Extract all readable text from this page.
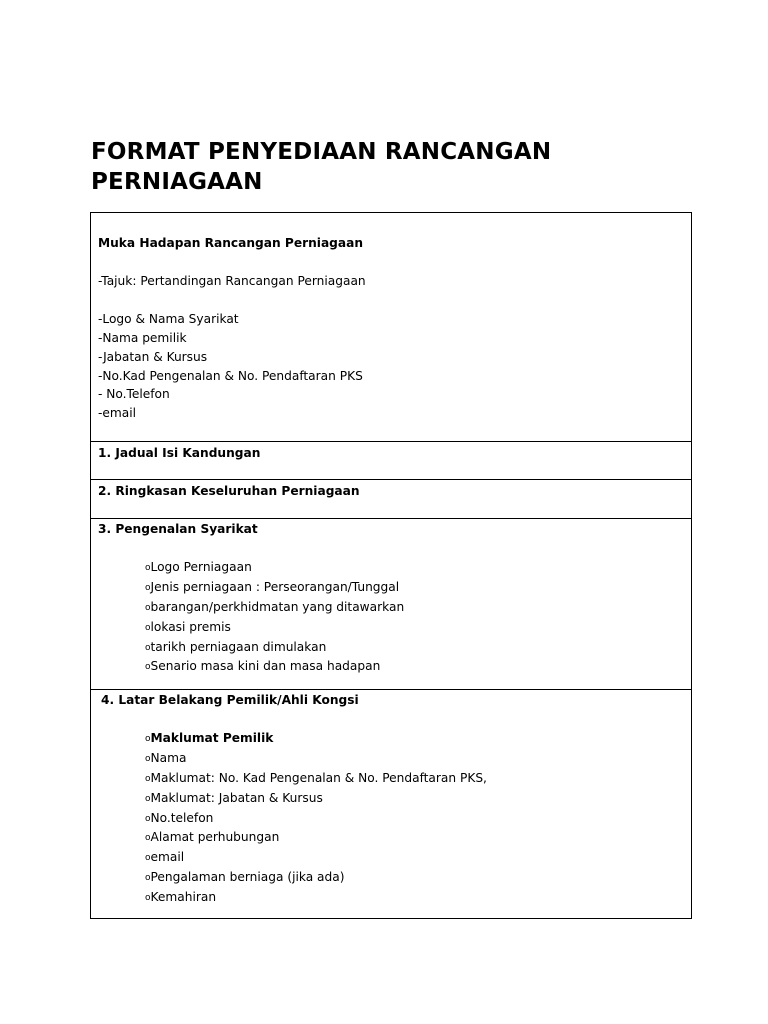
FORMAT PENYEDIAAN RANCANGAN
PERNIAGAAN
Muka Hadapan Rancangan Perniagaan
-Tajuk: Pertandingan Rancangan Perniagaan
-Logo & Nama Syarikat
-Nama pemilik
-Jabatan & Kursus
-No.Kad Pengenalan & No. Pendaftaran PKS
- No.Telefon
-email
1. Jadual Isi Kandungan
2. Ringkasan Keseluruhan Perniagaan
3. Pengenalan Syarikat
oLogo Perniagaan
oJenis perniagaan : Perseorangan/Tunggal
obarangan/perkhidmatan yang ditawarkan
olokasi premis
otarikh perniagaan dimulakan
oSenario masa kini dan masa hadapan
4. Latar Belakang Pemilik/Ahli Kongsi
oMaklumat Pemilik
oNama
oMaklumat: No. Kad Pengenalan & No. Pendaftaran PKS,
oMaklumat: Jabatan & Kursus
oNo.telefon
oAlamat perhubungan
oemail
oPengalaman berniaga (jika ada)
oKemahiran
